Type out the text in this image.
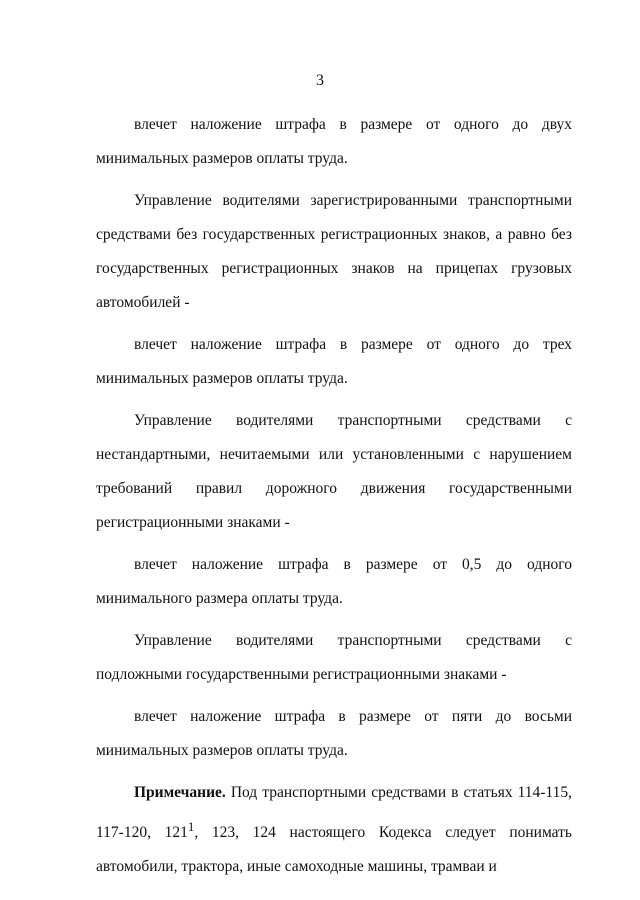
3

влечет наложение штрафа в размере от одного до двух минимальных размеров оплаты труда.

Управление водителями зарегистрированными транспортными средствами без государственных регистрационных знаков, а равно без государственных регистрационных знаков на прицепах грузовых автомобилей -

влечет наложение штрафа в размере от одного до трех минимальных размеров оплаты труда.

Управление водителями транспортными средствами с нестандартными, нечитаемыми или установленными с нарушением требований правил дорожного движения государственными регистрационными знаками -

влечет наложение штрафа в размере от 0,5 до одного минимального размера оплаты труда.

Управление водителями транспортными средствами с подложными государственными регистрационными знаками -

влечет наложение штрафа в размере от пяти до восьми минимальных размеров оплаты труда.

Примечание. Под транспортными средствами в статьях 114-115, 117-120, $121^1$, 123, 124 настоящего Кодекса следует понимать автомобили, трактора, иные самоходные машины, трамваи и
